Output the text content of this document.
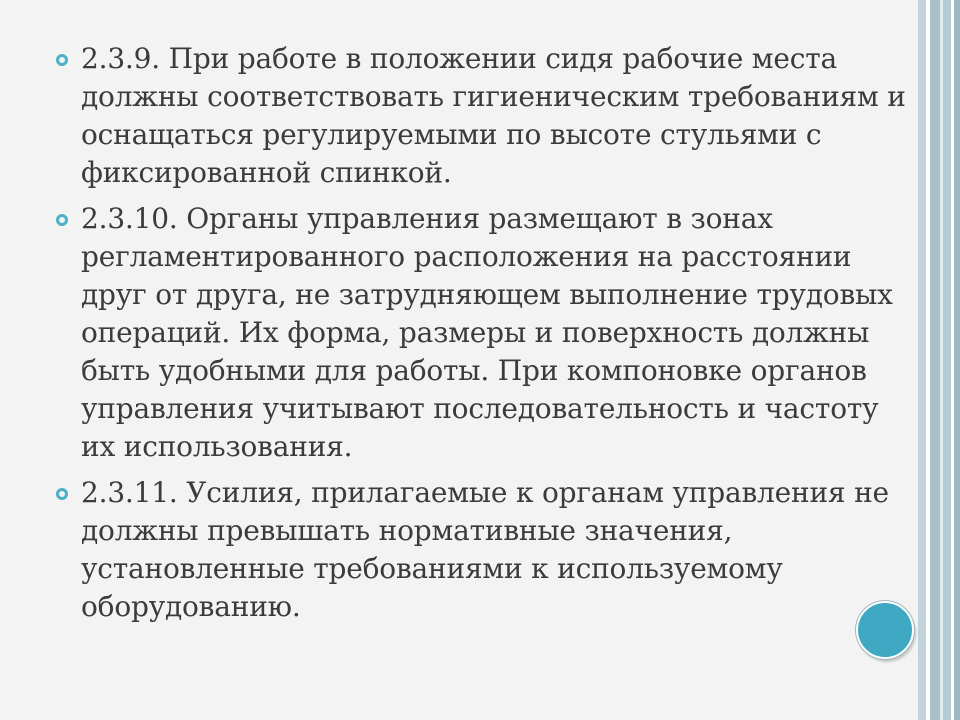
2.3.9. При работе в положении сидя рабочие места должны соответствовать гигиеническим требованиям и оснащаться регулируемыми по высоте стульями с фиксированной спинкой.
2.3.10. Органы управления размещают в зонах регламентированного расположения на расстоянии друг от друга, не затрудняющем выполнение трудовых операций. Их форма, размеры и поверхность должны быть удобными для работы. При компоновке органов управления учитывают последовательность и частоту их использования.
2.3.11. Усилия, прилагаемые к органам управления не должны превышать нормативные значения, установленные требованиями к используемому оборудованию.
